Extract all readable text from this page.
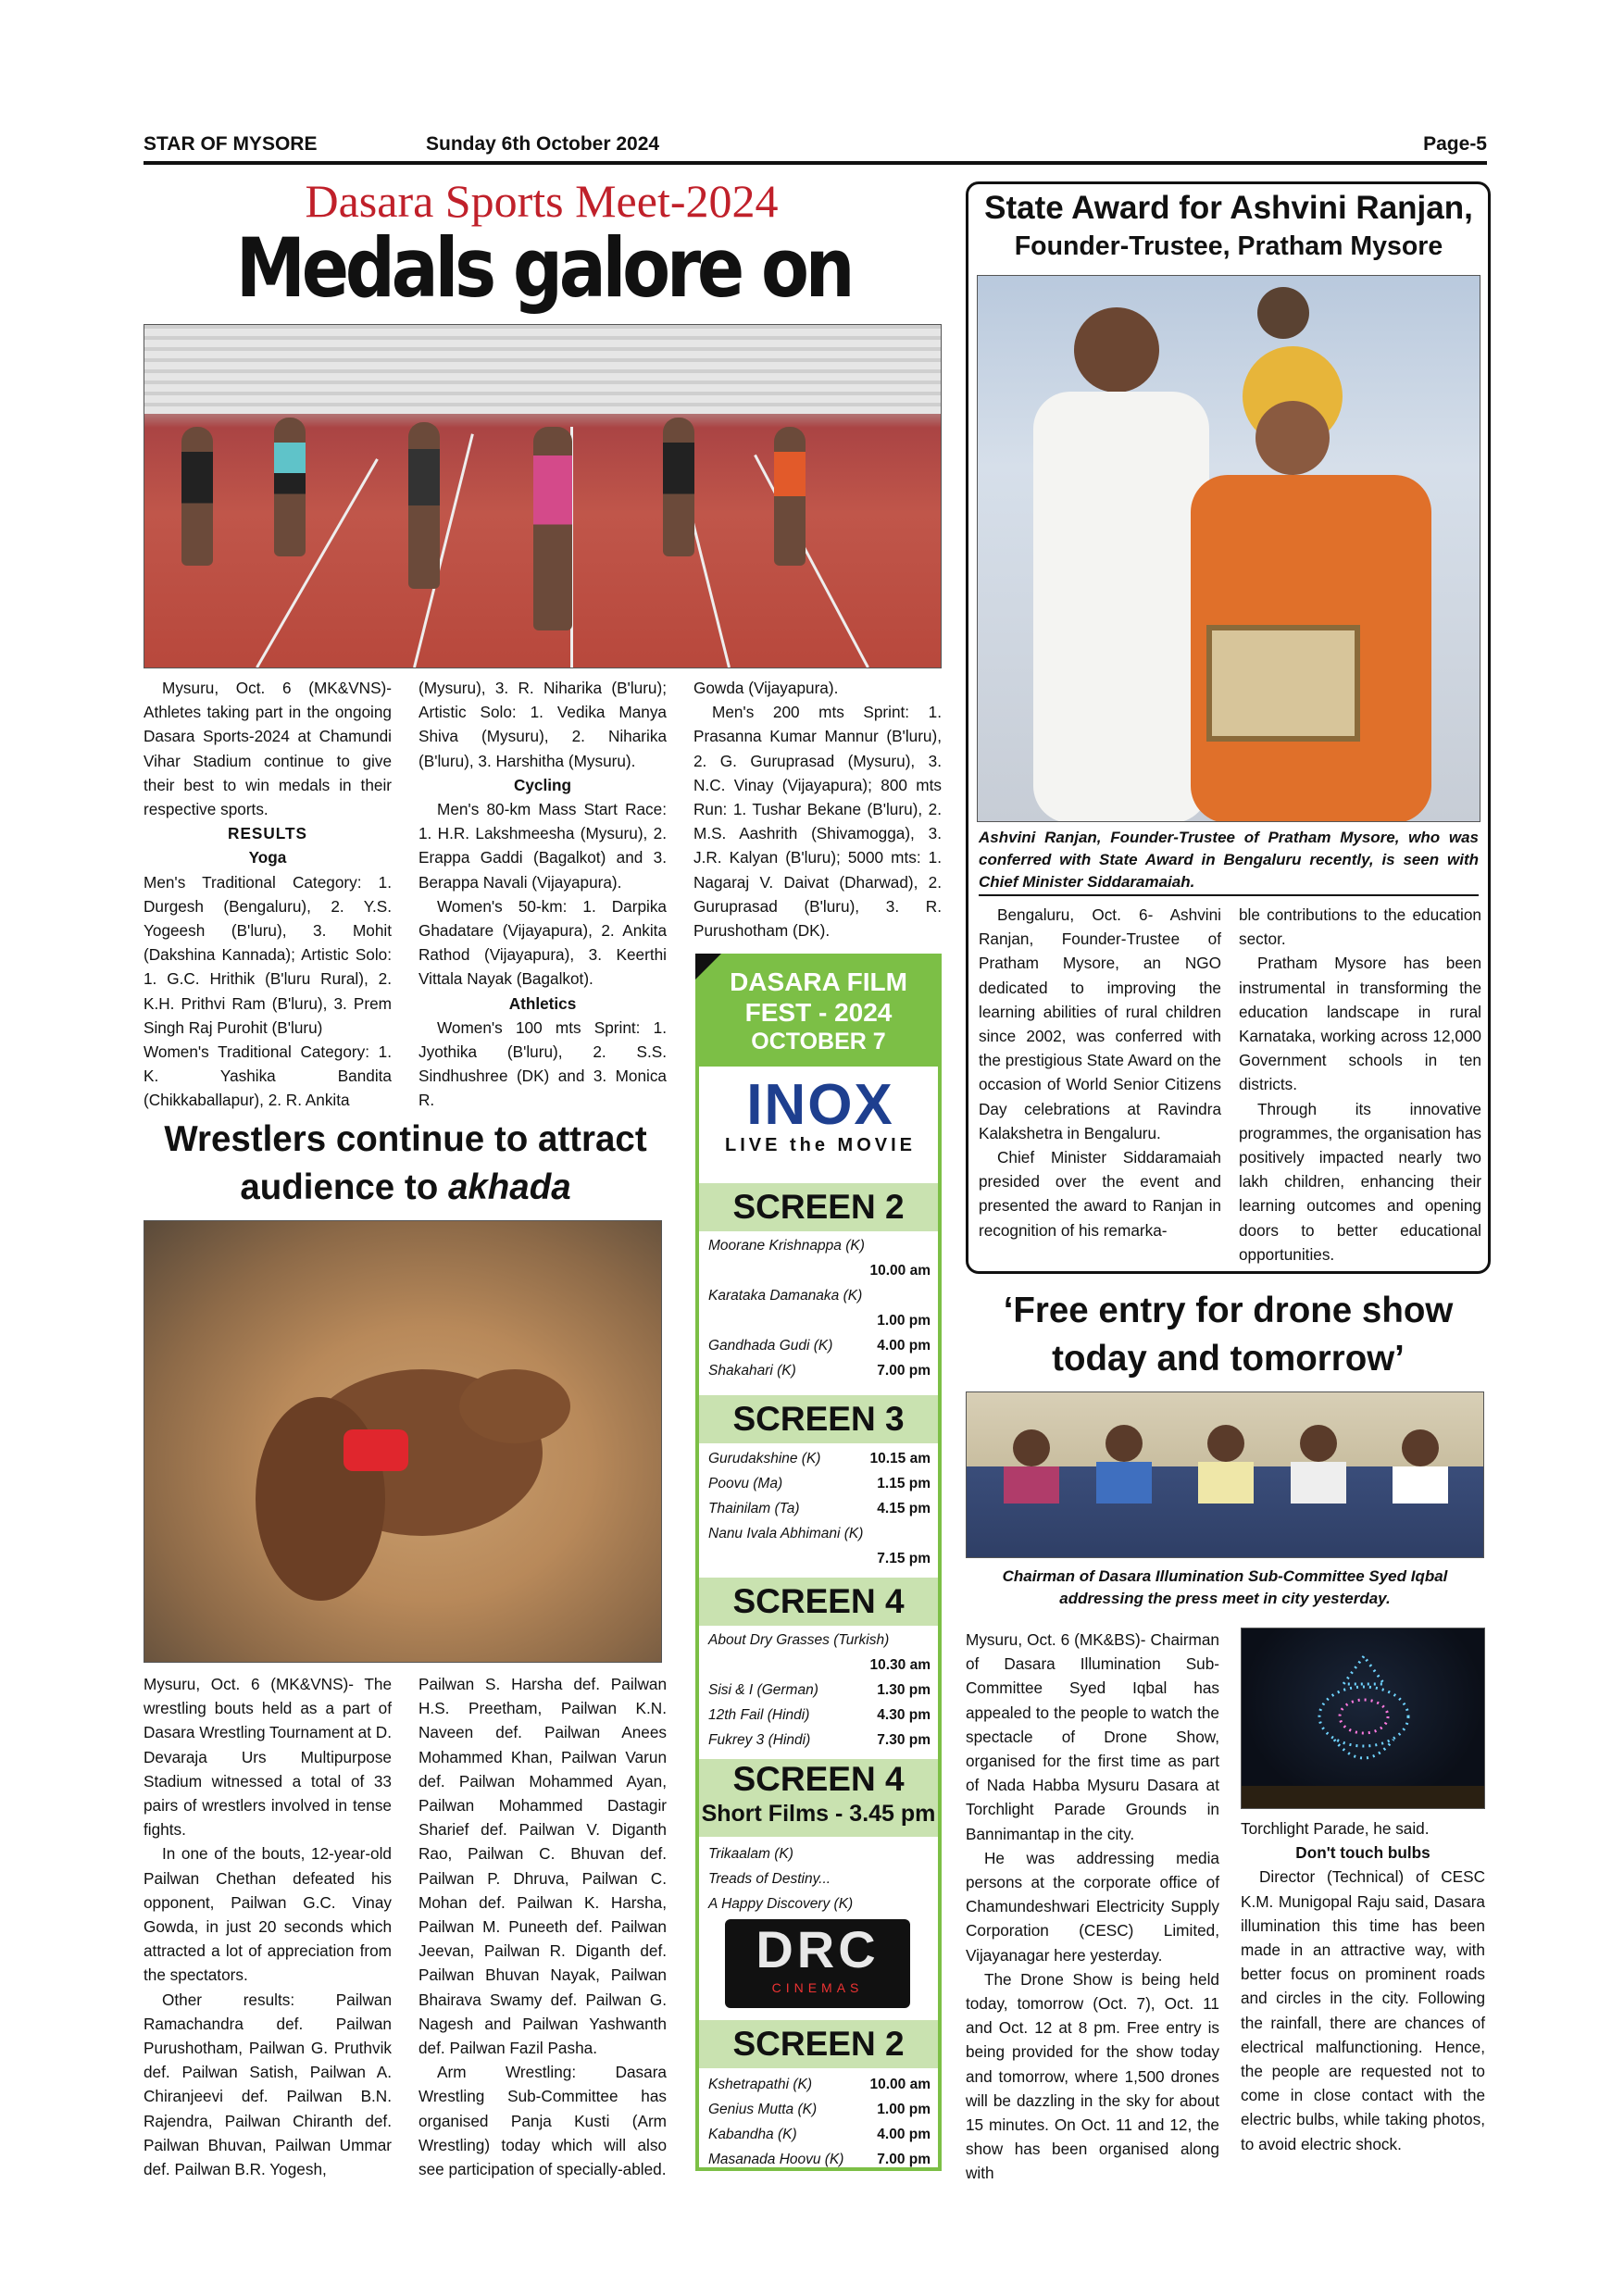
STAR OF MYSORE	Sunday 6th October 2024	Page-5
Dasara Sports Meet-2024
Medals galore on

Mysuru, Oct. 6 (MK&VNS)- Athletes taking part in the ongoing Dasara Sports-2024 at Chamundi Vihar Stadium continue to give their best to win medals in their respective sports.

RESULTS

Yoga

Men's Traditional Category: 1. Durgesh (Bengaluru), 2. Y.S. Yogeesh (B'luru), 3. Mohit (Dakshina Kannada); Artistic Solo: 1. G.C. Hrithik (B'luru Rural), 2. K.H. Prithvi Ram (B'luru), 3. Prem Singh Raj Purohit (B'luru)

Women's Traditional Category: 1. K. Yashika Bandita (Chikkaballapur), 2. R. Ankita

(Mysuru), 3. R. Niharika (B'luru); Artistic Solo: 1. Vedika Manya Shiva (Mysuru), 2. Niharika (B'luru), 3. Harshitha (Mysuru).

Cycling

Men's 80-km Mass Start Race: 1. H.R. Lakshmeesha (Mysuru), 2. Erappa Gaddi (Bagalkot) and 3. Berappa Navali (Vijayapura).

Women's 50-km: 1. Darpika Ghadatare (Vijayapura), 2. Ankita Rathod (Vijayapura), 3. Keerthi Vittala Nayak (Bagalkot).

Athletics

Women's 100 mts Sprint: 1. Jyothika (B'luru), 2. S.S. Sindhushree (DK) and 3. Monica R.

Gowda (Vijayapura).

Men's 200 mts Sprint: 1. Prasanna Kumar Mannur (B'luru), 2. G. Guruprasad (Mysuru), 3. N.C. Vinay (Vijayapura); 800 mts Run: 1. Tushar Bekane (B'luru), 2. M.S. Aashrith (Shivamogga), 3. J.R. Kalyan (B'luru); 5000 mts: 1. Nagaraj V. Daivat (Dharwad), 2. Guruprasad (B'luru), 3. R. Purushotham (DK).

Wrestlers continue to attract
audience to akhada

Mysuru, Oct. 6 (MK&VNS)- The wrestling bouts held as a part of Dasara Wrestling Tournament at D. Devaraja Urs Multipurpose Stadium witnessed a total of 33 pairs of wrestlers involved in tense fights.

In one of the bouts, 12-year-old Pailwan Chethan defeated his opponent, Pailwan G.C. Vinay Gowda, in just 20 seconds which attracted a lot of appreciation from the spectators.

Other results: Pailwan Ramachandra def. Pailwan Purushotham, Pailwan G. Pruthvik def. Pailwan Satish, Pailwan A. Chiranjeevi def. Pailwan B.N. Rajendra, Pailwan Chiranth def. Pailwan Bhuvan, Pailwan Ummar def. Pailwan B.R. Yogesh,

Pailwan S. Harsha def. Pailwan H.S. Preetham, Pailwan K.N. Naveen def. Pailwan Anees Mohammed Khan, Pailwan Varun def. Pailwan Mohammed Ayan, Pailwan Mohammed Dastagir Sharief def. Pailwan V. Diganth Rao, Pailwan C. Bhuvan def. Pailwan P. Dhruva, Pailwan C. Mohan def. Pailwan K. Harsha, Pailwan M. Puneeth def. Pailwan Jeevan, Pailwan R. Diganth def. Pailwan Bhuvan Nayak, Pailwan Bhairava Swamy def. Pailwan G. Nagesh and Pailwan Yashwanth def. Pailwan Fazil Pasha.

Arm Wrestling: Dasara Wrestling Sub-Committee has organised Panja Kusti (Arm Wrestling) today which will also see participation of specially-abled.

DASARA FILM
FEST - 2024
OCTOBER 7
INOX
LIVE the MOVIE
SCREEN 2
Moorane Krishnappa (K)
10.00 am
Karataka Damanaka (K)
1.00 pm
Gandhada Gudi (K)	4.00 pm
Shakahari (K)	7.00 pm
SCREEN 3
Gurudakshine (K)	10.15 am
Poovu (Ma)	1.15 pm
Thainilam (Ta)	4.15 pm
Nanu Ivala Abhimani (K)
7.15 pm
SCREEN 4
About Dry Grasses (Turkish)
10.30 am
Sisi & I (German)	1.30 pm
12th Fail (Hindi)	4.30 pm
Fukrey 3 (Hindi)	7.30 pm
SCREEN 4
Short Films - 3.45 pm
Trikaalam (K)
Treads of Destiny...
A Happy Discovery (K)
DRC
CINEMAS
SCREEN 2
Kshetrapathi (K)	10.00 am
Genius Mutta (K)	1.00 pm
Kabandha (K)	4.00 pm
Masanada Hoovu (K) 7.00 pm
State Award for Ashvini Ranjan,
Founder-Trustee, Pratham Mysore
Ashvini Ranjan, Founder-Trustee of Pratham Mysore, who was conferred with State Award in Bengaluru recently, is seen with Chief Minister Siddaramaiah.

Bengaluru, Oct. 6- Ashvini Ranjan, Founder-Trustee of Pratham Mysore, an NGO dedicated to improving the learning abilities of rural children since 2002, was conferred with the prestigious State Award on the occasion of World Senior Citizens Day celebrations at Ravindra Kalakshetra in Bengaluru.

Chief Minister Siddaramaiah presided over the event and presented the award to Ranjan in recognition of his remarka-

ble contributions to the education sector.

Pratham Mysore has been instrumental in transforming the education landscape in rural Karnataka, working across 12,000 Government schools in ten districts.

Through its innovative programmes, the organisation has positively impacted nearly two lakh children, enhancing their learning outcomes and opening doors to better educational opportunities.

‘Free entry for drone show
today and tomorrow’
Chairman of Dasara Illumination Sub-Committee Syed Iqbal addressing the press meet in city yesterday.

Mysuru, Oct. 6 (MK&BS)- Chairman of Dasara Illumination Sub-Committee Syed Iqbal has appealed to the people to watch the spectacle of Drone Show, organised for the first time as part of Nada Habba Mysuru Dasara at Torchlight Parade Grounds in Bannimantap in the city.

He was addressing media persons at the corporate office of Chamundeshwari Electricity Supply Corporation (CESC) Limited, Vijayanagar here yesterday.

The Drone Show is being held today, tomorrow (Oct. 7), Oct. 11 and Oct. 12 at 8 pm. Free entry is being provided for the show today and tomorrow, where 1,500 drones will be dazzling in the sky for about 15 minutes. On Oct. 11 and 12, the show has been organised along with

Torchlight Parade, he said.

Don't touch bulbs

Director (Technical) of CESC K.M. Munigopal Raju said, Dasara illumination this time has been made in an attractive way, with better focus on prominent roads and circles in the city. Following the rainfall, there are chances of electrical malfunctioning. Hence, the people are requested not to come in close contact with the electric bulbs, while taking photos, to avoid electric shock.
